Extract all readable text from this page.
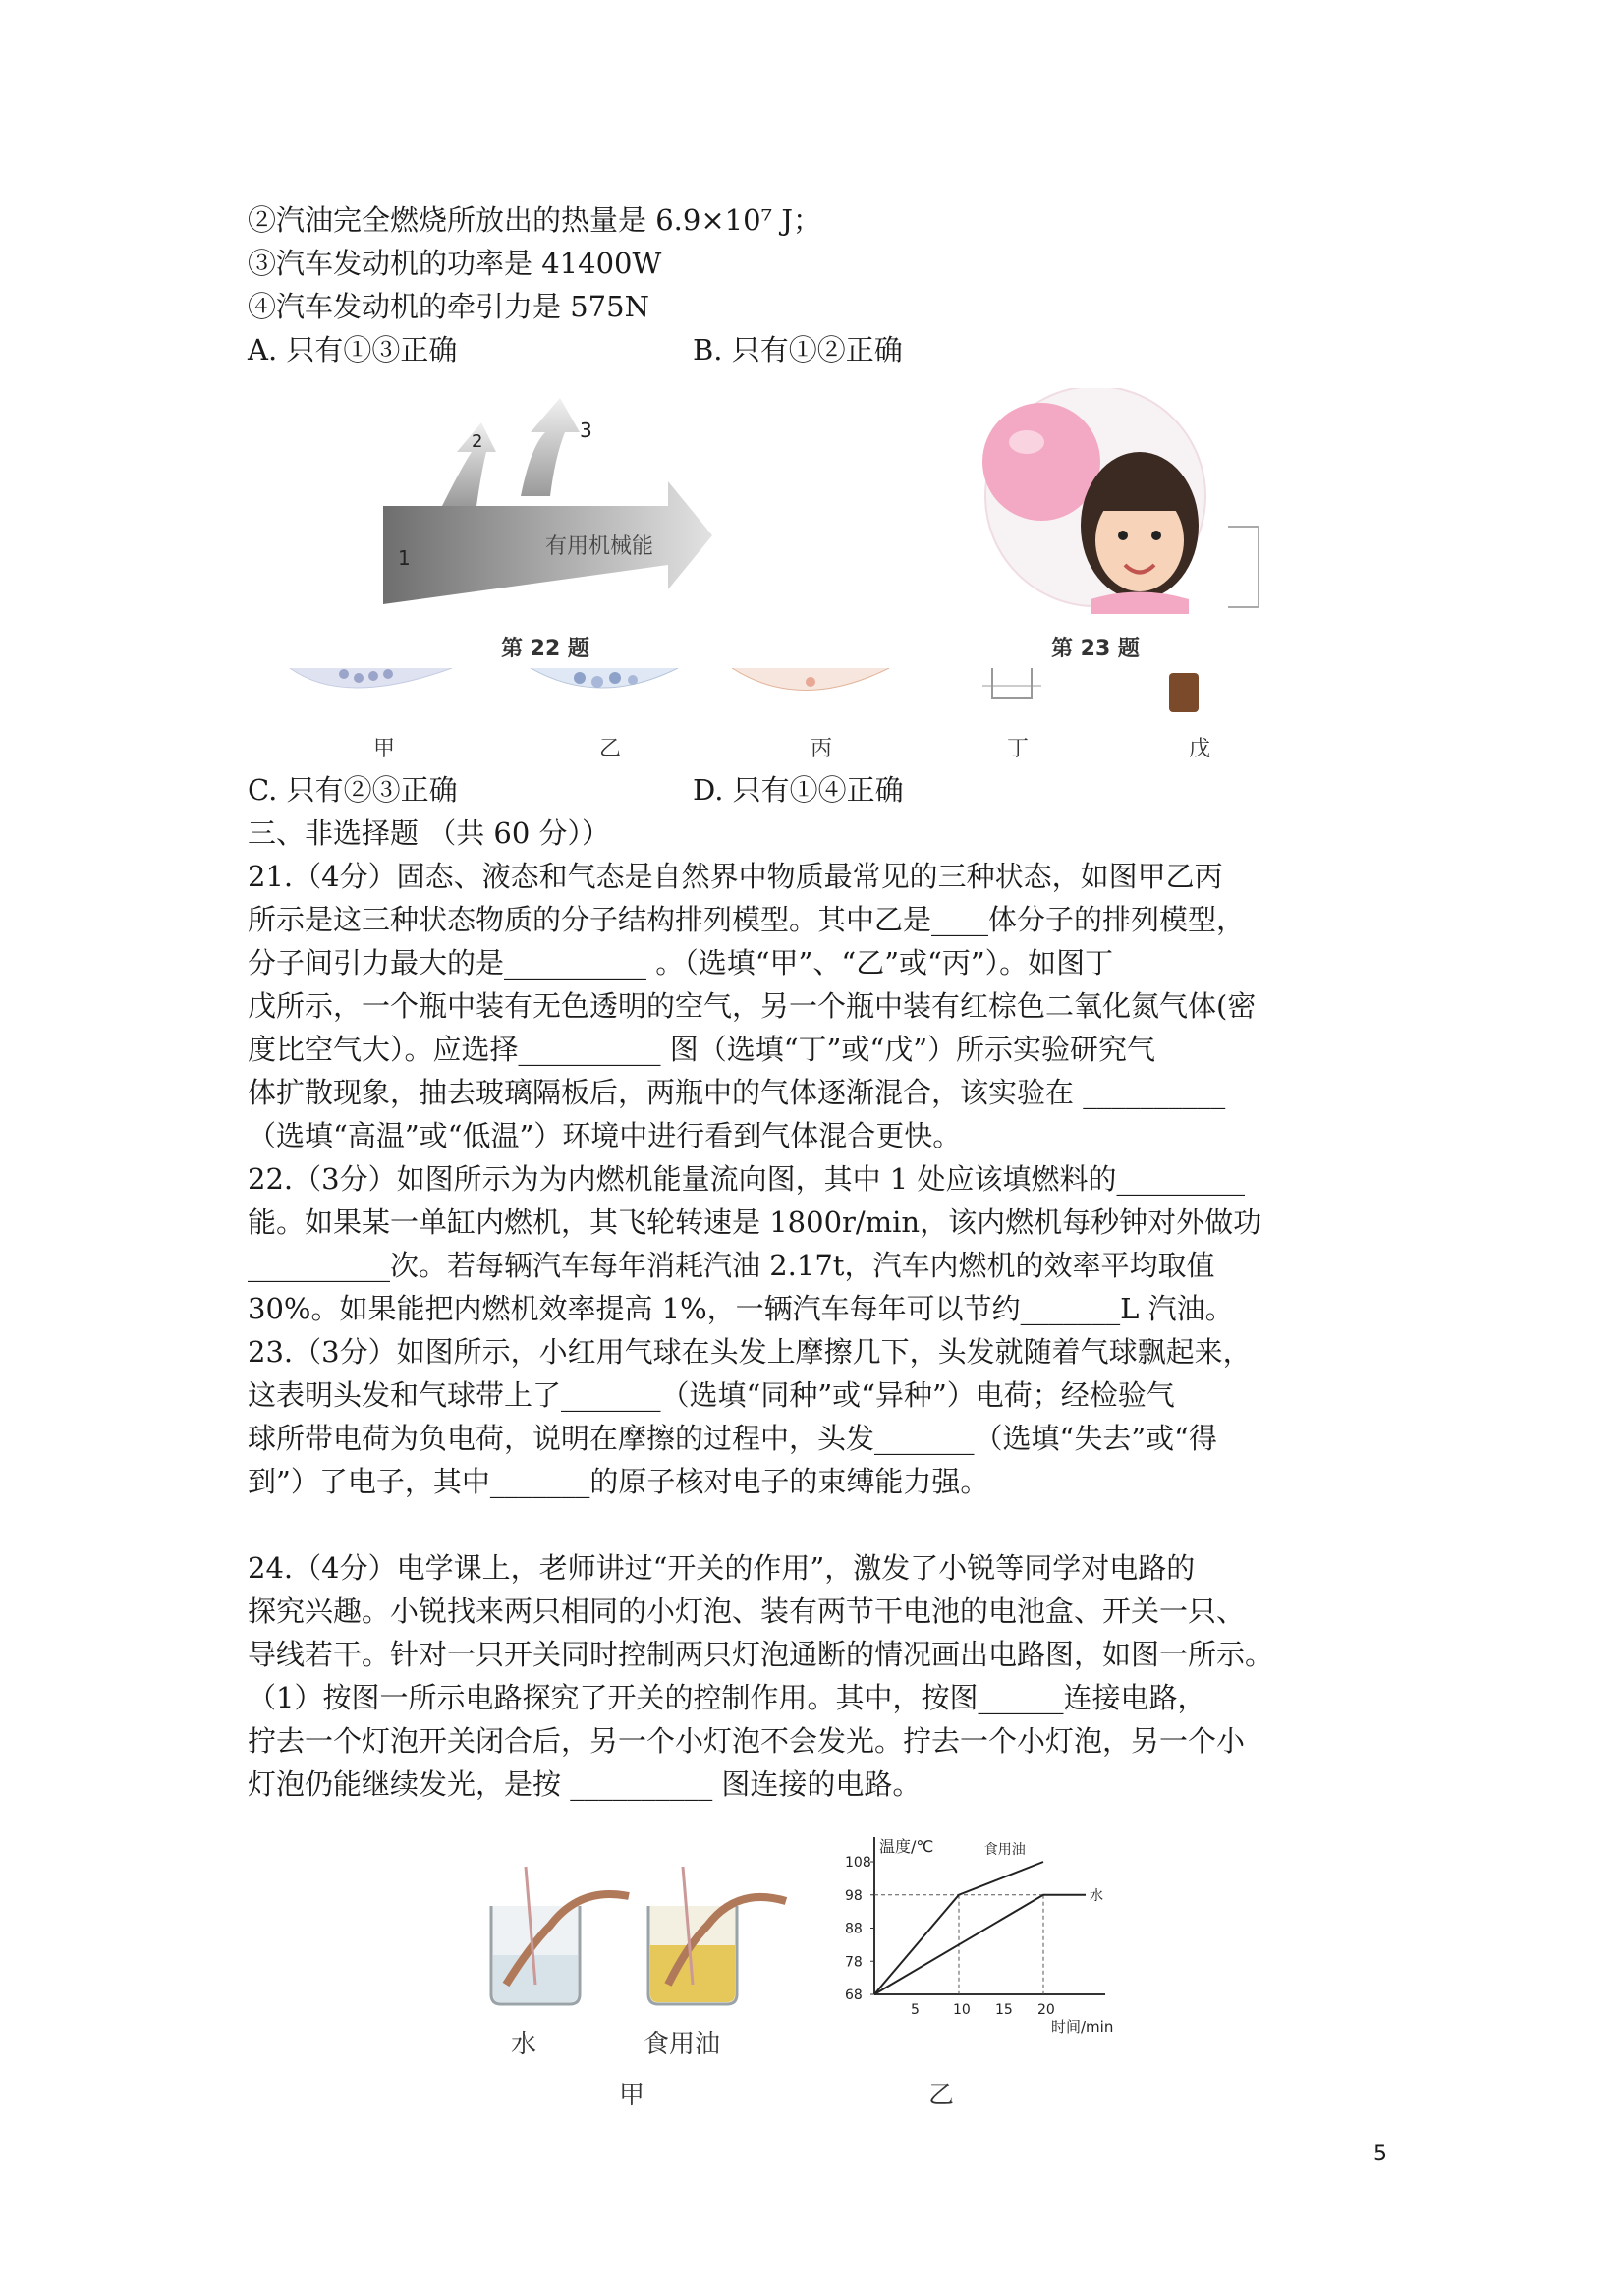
②汽油完全燃烧所放出的热量是 6.9×10⁷ J；
③汽车发动机的功率是 41400W
④汽车发动机的牵引力是 575N
A. 只有①③正确	B. 只有①②正确
1
2	3
有用机械能
第 22 题	第 23 题
甲	乙	丙	丁	戊
C. 只有②③正确	D. 只有①④正确
三、非选择题 （共 60 分））
21.（4分）固态、液态和气态是自然界中物质最常见的三种状态，如图甲乙丙
所示是这三种状态物质的分子结构排列模型。其中乙是____体分子的排列模型，
分子间引力最大的是__________ 。（选填“甲”、“乙”或“丙”）。如图丁
戊所示，一个瓶中装有无色透明的空气，另一个瓶中装有红棕色二氧化氮气体(密
度比空气大）。应选择__________ 图（选填“丁”或“戊”）所示实验研究气
体扩散现象，抽去玻璃隔板后，两瓶中的气体逐渐混合，该实验在 __________
（选填“高温”或“低温”）环境中进行看到气体混合更快。
22.（3分）如图所示为为内燃机能量流向图，其中 1 处应该填燃料的_________
能。如果某一单缸内燃机，其飞轮转速是 1800r/min，该内燃机每秒钟对外做功
__________次。若每辆汽车每年消耗汽油 2.17t，汽车内燃机的效率平均取值
30%。如果能把内燃机效率提高 1%，一辆汽车每年可以节约_______L 汽油。
23.（3分）如图所示，小红用气球在头发上摩擦几下，头发就随着气球飘起来，
这表明头发和气球带上了_______（选填“同种”或“异种”）电荷；经检验气
球所带电荷为负电荷，说明在摩擦的过程中，头发_______（选填“失去”或“得
到”）了电子，其中_______的原子核对电子的束缚能力强。
24.（4分）电学课上，老师讲过“开关的作用”，激发了小锐等同学对电路的
探究兴趣。小锐找来两只相同的小灯泡、装有两节干电池的电池盒、开关一只、
导线若干。针对一只开关同时控制两只灯泡通断的情况画出电路图，如图一所示。
（1）按图一所示电路探究了开关的控制作用。其中，按图______连接电路，
拧去一个灯泡开关闭合后，另一个小灯泡不会发光。拧去一个小灯泡，另一个小
灯泡仍能继续发光，是按 __________ 图连接的电路。
水	食用油
甲
温度/℃
时间/min
108
98
88
78
68
5 10 15 20
食用油
水
乙
5
